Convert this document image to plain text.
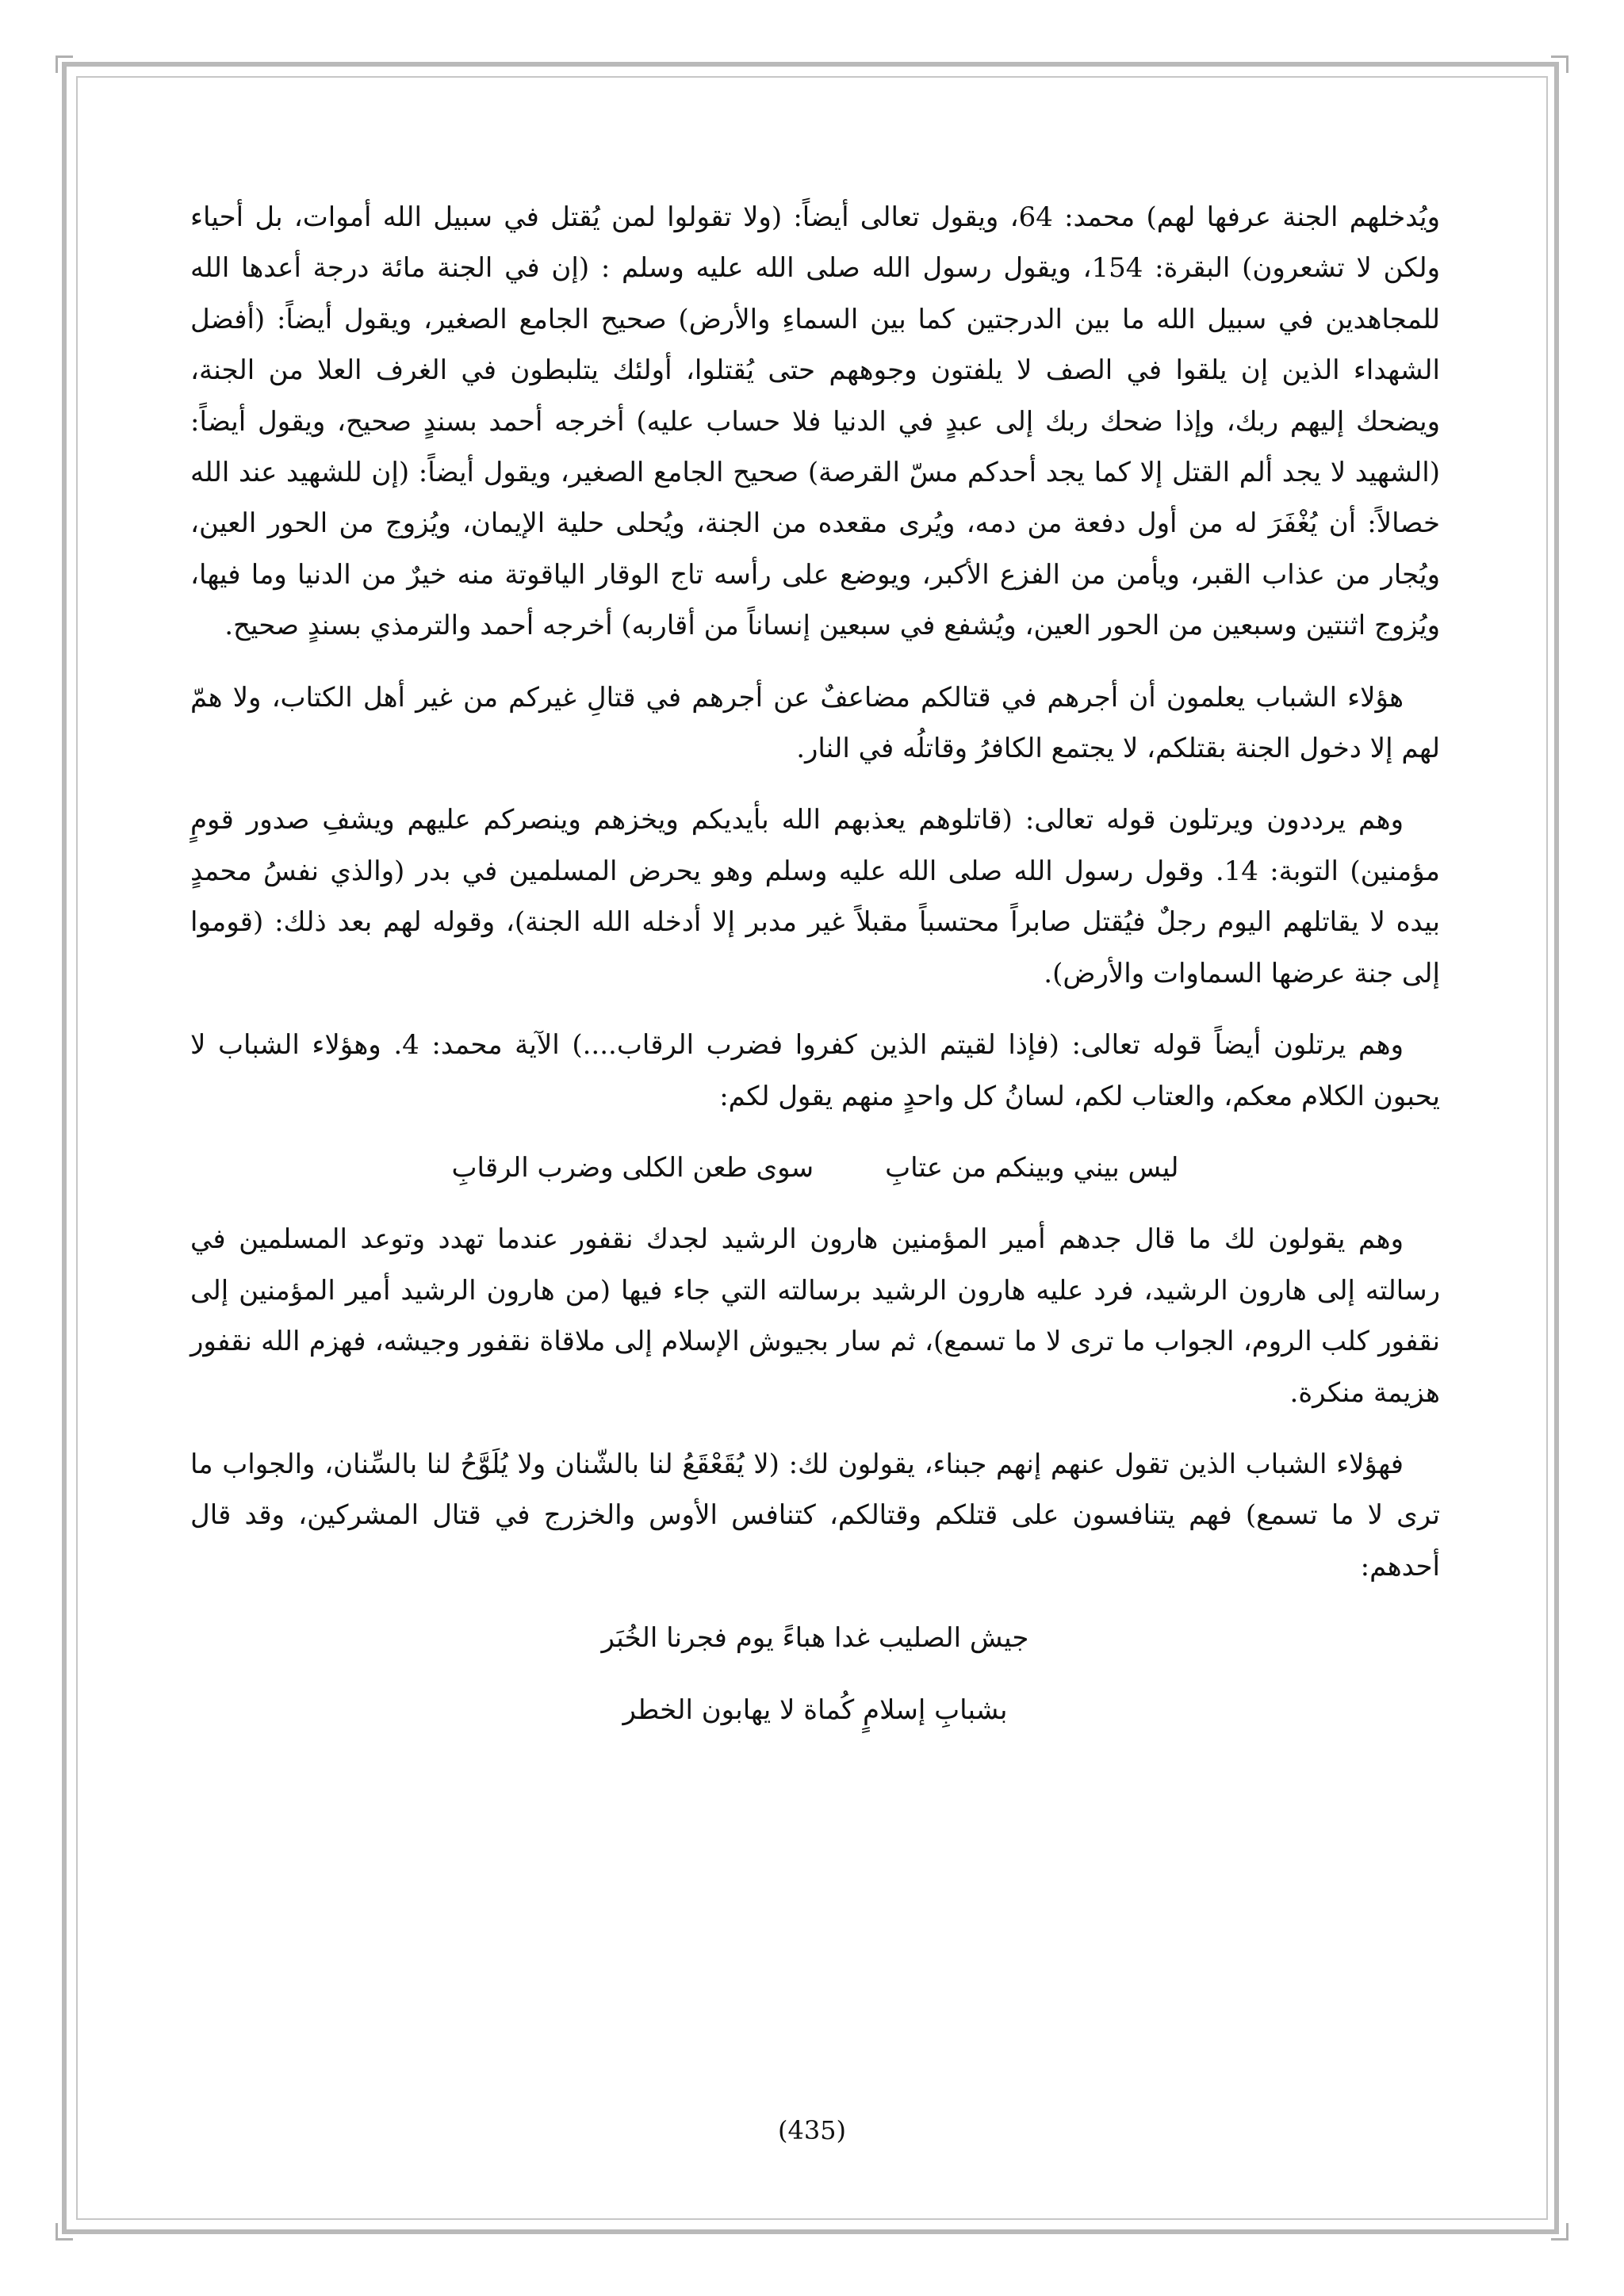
ويُدخلهم الجنة عرفها لهم) محمد: 64، ويقول تعالى أيضاً: (ولا تقولوا لمن يُقتل في سبيل الله أموات، بل أحياء ولكن لا تشعرون) البقرة: 154، ويقول رسول الله صلى الله عليه وسلم : (إن في الجنة مائة درجة أعدها الله للمجاهدين في سبيل الله ما بين الدرجتين كما بين السماءِ والأرض) صحيح الجامع الصغير، ويقول أيضاً: (أفضل الشهداء الذين إن يلقوا في الصف لا يلفتون وجوههم حتى يُقتلوا، أولئك يتلبطون في الغرف العلا من الجنة، ويضحك إليهم ربك، وإذا ضحك ربك إلى عبدٍ في الدنيا فلا حساب عليه) أخرجه أحمد بسندٍ صحيح، ويقول أيضاً: (الشهيد لا يجد ألم القتل إلا كما يجد أحدكم مسّ القرصة) صحيح الجامع الصغير، ويقول أيضاً: (إن للشهيد عند الله خصالاً: أن يُغْفَرَ له من أول دفعة من دمه، ويُرى مقعده من الجنة، ويُحلى حلية الإيمان، ويُزوج من الحور العين، ويُجار من عذاب القبر، ويأمن من الفزع الأكبر، ويوضع على رأسه تاج الوقار الياقوتة منه خيرٌ من الدنيا وما فيها، ويُزوج اثنتين وسبعين من الحور العين، ويُشفع في سبعين إنساناً من أقاربه) أخرجه أحمد والترمذي بسندٍ صحيح.

هؤلاء الشباب يعلمون أن أجرهم في قتالكم مضاعفٌ عن أجرهم في قتالِ غيركم من غير أهل الكتاب، ولا همّ لهم إلا دخول الجنة بقتلكم، لا يجتمع الكافرُ وقاتلُه في النار.

وهم يرددون ويرتلون قوله تعالى: (قاتلوهم يعذبهم الله بأيديكم ويخزهم وينصركم عليهم ويشفِ صدور قومٍ مؤمنين) التوبة: 14. وقول رسول الله صلى الله عليه وسلم وهو يحرض المسلمين في بدر (والذي نفسُ محمدٍ بيده لا يقاتلهم اليوم رجلٌ فيُقتل صابراً محتسباً مقبلاً غير مدبر إلا أدخله الله الجنة)، وقوله لهم بعد ذلك: (قوموا إلى جنة عرضها السماوات والأرض).

وهم يرتلون أيضاً قوله تعالى: (فإذا لقيتم الذين كفروا فضرب الرقاب....) الآية محمد: 4. وهؤلاء الشباب لا يحبون الكلام معكم، والعتاب لكم، لسانُ كل واحدٍ منهم يقول لكم:

ليس بيني وبينكم من عتابِ
سوى طعن الكلى وضرب الرقابِ

وهم يقولون لك ما قال جدهم أمير المؤمنين هارون الرشيد لجدك نقفور عندما تهدد وتوعد المسلمين في رسالته إلى هارون الرشيد، فرد عليه هارون الرشيد برسالته التي جاء فيها (من هارون الرشيد أمير المؤمنين إلى نقفور كلب الروم، الجواب ما ترى لا ما تسمع)، ثم سار بجيوش الإسلام إلى ملاقاة نقفور وجيشه، فهزم الله نقفور هزيمة منكرة.

فهؤلاء الشباب الذين تقول عنهم إنهم جبناء، يقولون لك: (لا يُقَعْقَعُ لنا بالشّنان ولا يُلَوَّحُ لنا بالسِّنان، والجواب ما ترى لا ما تسمع) فهم يتنافسون على قتلكم وقتالكم، كتنافس الأوس والخزرج في قتال المشركين، وقد قال أحدهم:

جيش الصليب غدا هباءً يوم فجرنا الخُبَر

بشبابِ إسلامٍ كُماة لا يهابون الخطر

(435)
